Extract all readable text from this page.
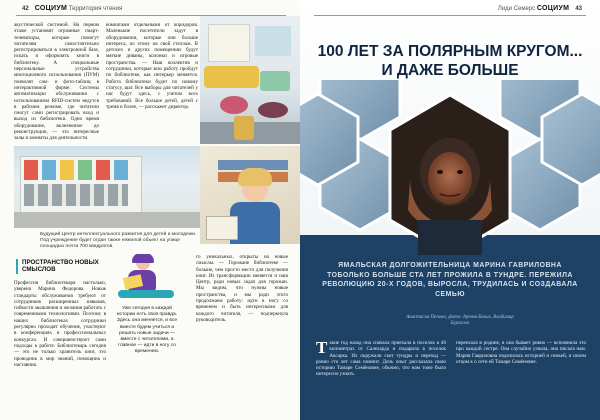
42 СОЦИУМ Территория чтения

акустической системой. На первом этаже установят огромные смарт-телевизоры, которые помогут читателям самостоятельно регистрироваться в электронной базе, искать и оформлять книги в библиотеку. А специальные персональные устройства многоцелевого использования (ПУМ) позволят сам- и фото-таблиц в интерактивной форме. Системы автоматизации обслуживания с использованием RFID-систем ведутся в рабочем режиме, где читатели смогут сами регистрировать вход и выход из библиотеки. Одно время оборудование, включенное до реконструкции, — это интересные залы и комнаты для деятельности.

комнатами отдельными от коридоров. Маленькие посетители задут в оборудовании, которые они больше интереса, по этому на свой стеллаж. В детских и других помещениях будут мягкие диваны, колонки и игровые пространства. — Наш коллектив и сотрудники, которые всю работу пройдут по библиотеке, как интерьер меняется. Работа библиотеки будет по новому статусу, шаг. Все выборы для читателей у нас будут здесь, с учетом всех требований. Все больше детей, детей с тремя и более, — расскажет директор.

Будущий Центр интеллектуального развития для детей и молодежи. Под учреждение будет отдан также нежилой объект на улице площадью почти 700 квадратов.

ПРОСТРАНСТВО НОВЫХ СМЫСЛОВ

Профессия библиотекаря настолько, уверена Марина Федорова. Новые стандарты обслуживания требуют от сотрудников расширенных навыков, гибкости мышления и желания работать с современными технологиями. Поэтому в наших библиотеках сотрудники регулярно проходят обучение, участвуют в конференциях и профессиональных конкурсах. И совершенствуют сами подходы к работе. Библиотекарь сегодня — это не только хранитель книг, это проводник в мир знаний, помощник и наставник.

Уже сегодня в каждой истории есть своя правда. Здесь она меняется, и все вместе будем учиться и решать новые задачи — вместе с читателями, а главное — идти в ногу со временем.

го уникальных, открыты на новые смыслы. — Горожане библиотеке — больше, чем просто место для получения книг. Из трансформации меняется и наш Центр, ради новых задач для горожан. Мы видим, что нужны новые пространства, и мы ради этого продолжаем работу: идти в ногу со временем и быть интересными для каждого читателя, — подчеркнула руководитель.

Лиди Семерс СОЦИУМ 43
100 ЛЕТ ЗА ПОЛЯРНЫМ КРУГОМ... И ДАЖЕ БОЛЬШЕ

ЯМАЛЬСКАЯ ДОЛГОЖИТЕЛЬНИЦА МАРИНА ГАВРИЛОВНА ТОБОЛЬКО БОЛЬШЕ СТА ЛЕТ ПРОЖИЛА В ТУНДРЕ. ПЕРЕЖИЛА РЕВОЛЮЦИЮ 20-Х ГОДОВ, ВЫРОСЛА, ТРУДИЛАСЬ И СОЗДАВАЛА СЕМЬЮ

Анастасия Попова, фото: Артем Белых, Владимир Бургалов

Такие год назад она сначала приехала в поселок в 40 километрах от Салехарда и подарила в поселок Аксарка. Их окружали скот тундры и переход — ровно сто лет сама помнит. Дочь опыт рассказала свою историю Тамаре Семёновне, обычно, что нам тоже было интересно узнать.

переехала в родине, я она бывает ровно — вспомнила это про каждой сестре. Она случайно узнала, она писала нам. Мария Гавриловна поделилась историей и семьей, и своим отцом к о сети ей Тамаре Семёновне.
